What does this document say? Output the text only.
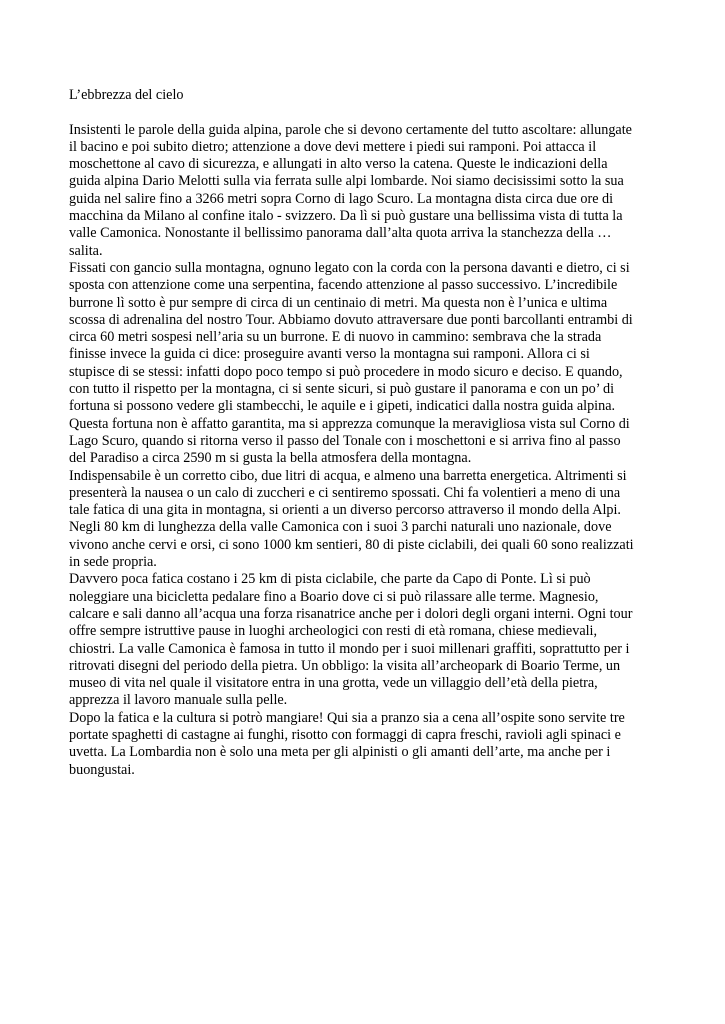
L’ebbrezza del cielo
Insistenti le parole della guida alpina, parole che si devono certamente del tutto ascoltare: allungate
il bacino e poi subito dietro; attenzione a dove devi mettere i piedi sui ramponi. Poi attacca il
moschettone al cavo di sicurezza, e allungati in alto verso la catena. Queste le indicazioni della
guida alpina Dario Melotti sulla via ferrata sulle alpi lombarde. Noi siamo decisissimi sotto la sua
guida nel salire fino a 3266 metri sopra Corno di lago Scuro. La montagna dista circa due ore di
macchina da Milano al confine italo - svizzero. Da lì si può gustare una bellissima vista di tutta la
valle Camonica. Nonostante il bellissimo panorama dall’alta quota arriva la stanchezza della …
salita.
Fissati con gancio sulla montagna, ognuno legato con la corda con la persona davanti e dietro, ci si
sposta con attenzione come una serpentina, facendo attenzione al passo successivo. L’incredibile
burrone lì sotto è pur sempre di circa di un centinaio di metri. Ma questa non è l’unica e ultima
scossa di adrenalina del nostro Tour. Abbiamo dovuto attraversare due ponti barcollanti entrambi di
circa 60 metri sospesi nell’aria su un burrone. E di nuovo in cammino: sembrava che la strada
finisse invece la guida ci dice: proseguire avanti verso la montagna sui ramponi. Allora ci si
stupisce di se stessi: infatti dopo poco tempo si può procedere in modo sicuro e deciso. E quando,
con tutto il rispetto per la montagna, ci si sente sicuri, si può gustare il panorama e con un po’ di
fortuna si possono vedere gli stambecchi, le aquile e i gipeti, indicatici dalla nostra guida alpina.
Questa fortuna non è affatto garantita, ma si apprezza comunque la meravigliosa vista sul Corno di
Lago Scuro, quando si ritorna verso il passo del Tonale con i moschettoni e si arriva fino al passo
del Paradiso a circa 2590 m si gusta la bella atmosfera della montagna.
Indispensabile è un corretto cibo, due litri di acqua, e almeno una barretta energetica. Altrimenti si
presenterà la nausea o un calo di zuccheri e ci sentiremo spossati. Chi fa volentieri a meno di una
tale fatica di una gita in montagna, si orienti a un diverso percorso attraverso il mondo della Alpi.
Negli 80 km di lunghezza della valle Camonica con i suoi 3 parchi naturali uno nazionale, dove
vivono anche cervi e orsi, ci sono 1000 km sentieri, 80 di piste ciclabili, dei quali 60 sono realizzati
in sede propria.
Davvero poca fatica costano i 25 km di pista ciclabile, che parte da Capo di Ponte. Lì si può
noleggiare una bicicletta pedalare fino a Boario dove ci si può rilassare alle terme. Magnesio,
calcare e sali danno all’acqua una forza risanatrice anche per i dolori degli organi interni. Ogni tour
offre sempre istruttive pause in luoghi archeologici con resti di età romana, chiese medievali,
chiostri. La valle Camonica è famosa in tutto il mondo per i suoi millenari graffiti, soprattutto per i
ritrovati disegni del periodo della pietra. Un obbligo: la visita all’archeopark di Boario Terme, un
museo di vita nel quale il visitatore entra in una grotta, vede un villaggio dell’età della pietra,
apprezza il lavoro manuale sulla pelle.
Dopo la fatica e la cultura si potrò mangiare! Qui sia a pranzo sia a cena all’ospite sono servite tre
portate spaghetti di castagne ai funghi, risotto con formaggi di capra freschi, ravioli agli spinaci e
uvetta. La Lombardia non è solo una meta per gli alpinisti o gli amanti dell’arte, ma anche per i
buongustai.
